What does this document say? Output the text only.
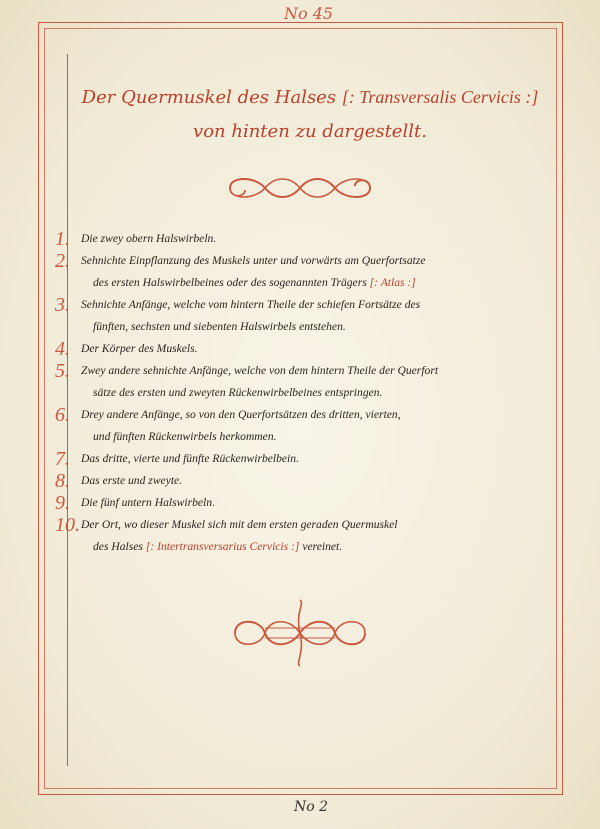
No 45
Der Quermuskel des Halses [: Transversalis Cervicis :]
von hinten zu dargestellt.
1. Die zwey obern Halswirbeln.
2. Sehnichte Einpflanzung des Muskels unter und vorwärts am Querfortsatze
des ersten Halswirbelbeines oder des sogenannten Trägers [: Atlas :]
3. Sehnichte Anfänge, welche vom hintern Theile der schiefen Fortsätze des
fünften, sechsten und siebenten Halswirbels entstehen.
4. Der Körper des Muskels.
5. Zwey andere sehnichte Anfänge, welche von dem hintern Theile der Querfort
sätze des ersten und zweyten Rückenwirbelbeines entspringen.
6. Drey andere Anfänge, so von den Querfortsätzen des dritten, vierten,
und fünften Rückenwirbels herkommen.
7. Das dritte, vierte und fünfte Rückenwirbelbein.
8. Das erste und zweyte.
9. Die fünf untern Halswirbeln.
10. Der Ort, wo dieser Muskel sich mit dem ersten geraden Quermuskel
des Halses [: Intertransversarius Cervicis :] vereinet.
No 2
